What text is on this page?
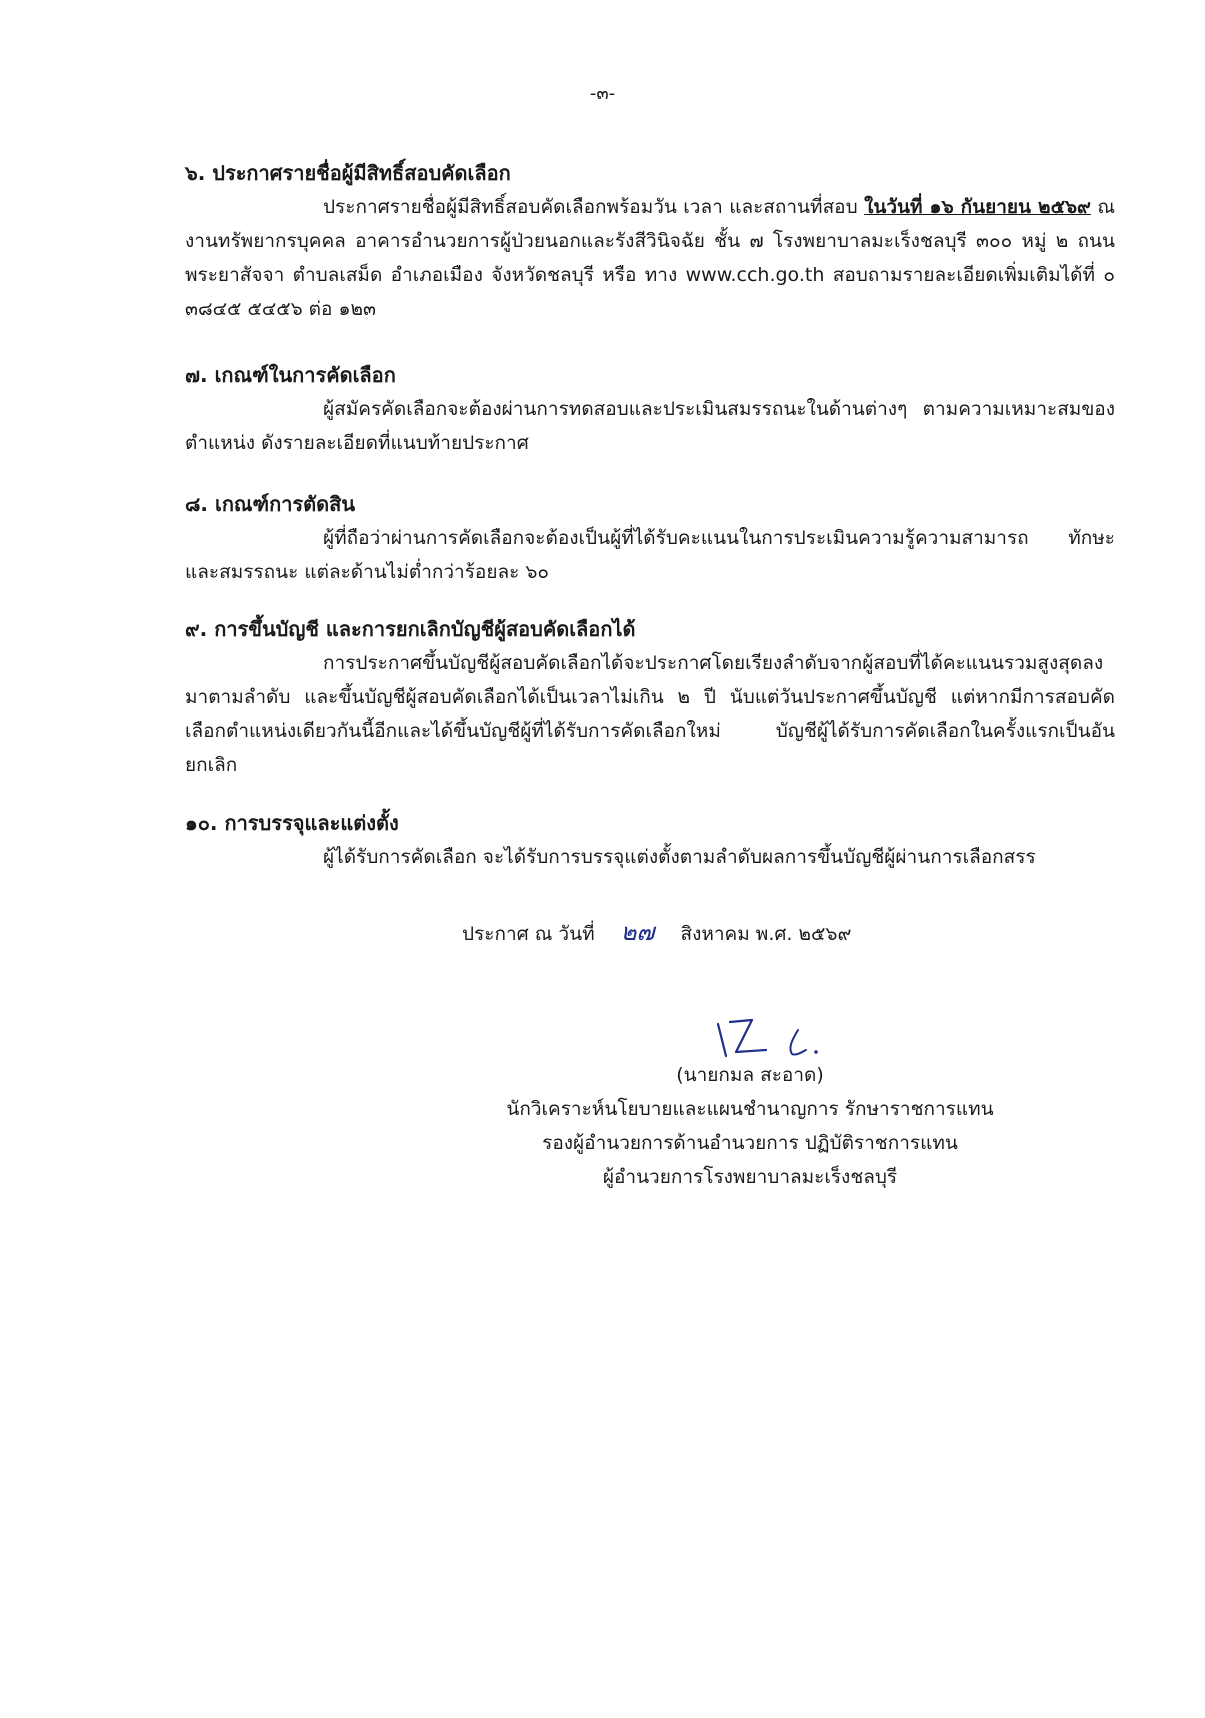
-๓-
๖. ประกาศรายชื่อผู้มีสิทธิ์สอบคัดเลือก
ประกาศรายชื่อผู้มีสิทธิ์สอบคัดเลือกพร้อมวัน เวลา และสถานที่สอบ ในวันที่ ๑๖ กันยายน ๒๕๖๙ ณ งานทรัพยากรบุคคล อาคารอำนวยการผู้ป่วยนอกและรังสีวินิจฉัย ชั้น ๗ โรงพยาบาลมะเร็งชลบุรี ๓๐๐ หมู่ ๒ ถนนพระยาสัจจา ตำบลเสม็ด อำเภอเมือง จังหวัดชลบุรี หรือ ทาง www.cch.go.th สอบถามรายละเอียดเพิ่มเติมได้ที่ ๐ ๓๘๔๕ ๕๔๕๖ ต่อ ๑๒๓
๗. เกณฑ์ในการคัดเลือก
ผู้สมัครคัดเลือกจะต้องผ่านการทดสอบและประเมินสมรรถนะในด้านต่างๆ ตามความเหมาะสมของตำแหน่ง ดังรายละเอียดที่แนบท้ายประกาศ
๘. เกณฑ์การตัดสิน
ผู้ที่ถือว่าผ่านการคัดเลือกจะต้องเป็นผู้ที่ได้รับคะแนนในการประเมินความรู้ความสามารถ ทักษะ และสมรรถนะ แต่ละด้านไม่ต่ำกว่าร้อยละ ๖๐
๙. การขึ้นบัญชี และการยกเลิกบัญชีผู้สอบคัดเลือกได้
การประกาศขึ้นบัญชีผู้สอบคัดเลือกได้จะประกาศโดยเรียงลำดับจากผู้สอบที่ได้คะแนนรวมสูงสุดลงมาตามลำดับ และขึ้นบัญชีผู้สอบคัดเลือกได้เป็นเวลาไม่เกิน ๒ ปี นับแต่วันประกาศขึ้นบัญชี แต่หากมีการสอบคัดเลือกตำแหน่งเดียวกันนี้อีกและได้ขึ้นบัญชีผู้ที่ได้รับการคัดเลือกใหม่ บัญชีผู้ได้รับการคัดเลือกในครั้งแรกเป็นอันยกเลิก
๑๐. การบรรจุและแต่งตั้ง
ผู้ได้รับการคัดเลือก จะได้รับการบรรจุแต่งตั้งตามลำดับผลการขึ้นบัญชีผู้ผ่านการเลือกสรร
ประกาศ ณ วันที่ ๒๗ สิงหาคม พ.ศ. ๒๕๖๙
(นายกมล สะอาด)
นักวิเคราะห์นโยบายและแผนชำนาญการ รักษาราชการแทน
รองผู้อำนวยการด้านอำนวยการ ปฏิบัติราชการแทน
ผู้อำนวยการโรงพยาบาลมะเร็งชลบุรี
